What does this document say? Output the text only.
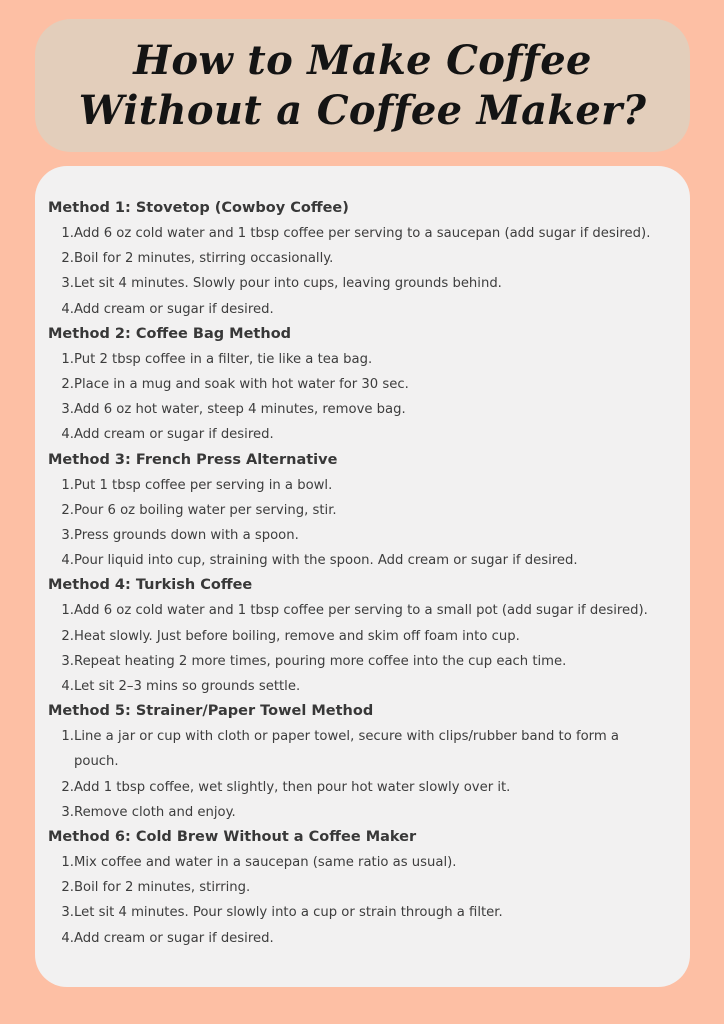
How to Make Coffee
Without a Coffee Maker?
Method 1: Stovetop (Cowboy Coffee)
1. Add 6 oz cold water and 1 tbsp coffee per serving to a saucepan (add sugar if desired).
2. Boil for 2 minutes, stirring occasionally.
3. Let sit 4 minutes. Slowly pour into cups, leaving grounds behind.
4. Add cream or sugar if desired.
Method 2: Coffee Bag Method
1. Put 2 tbsp coffee in a filter, tie like a tea bag.
2. Place in a mug and soak with hot water for 30 sec.
3. Add 6 oz hot water, steep 4 minutes, remove bag.
4. Add cream or sugar if desired.
Method 3: French Press Alternative
1. Put 1 tbsp coffee per serving in a bowl.
2. Pour 6 oz boiling water per serving, stir.
3. Press grounds down with a spoon.
4. Pour liquid into cup, straining with the spoon. Add cream or sugar if desired.
Method 4: Turkish Coffee
1. Add 6 oz cold water and 1 tbsp coffee per serving to a small pot (add sugar if desired).
2. Heat slowly. Just before boiling, remove and skim off foam into cup.
3. Repeat heating 2 more times, pouring more coffee into the cup each time.
4. Let sit 2–3 mins so grounds settle.
Method 5: Strainer/Paper Towel Method
1. Line a jar or cup with cloth or paper towel, secure with clips/rubber band to form a pouch.
2. Add 1 tbsp coffee, wet slightly, then pour hot water slowly over it.
3. Remove cloth and enjoy.
Method 6: Cold Brew Without a Coffee Maker
1. Mix coffee and water in a saucepan (same ratio as usual).
2. Boil for 2 minutes, stirring.
3. Let sit 4 minutes. Pour slowly into a cup or strain through a filter.
4. Add cream or sugar if desired.
